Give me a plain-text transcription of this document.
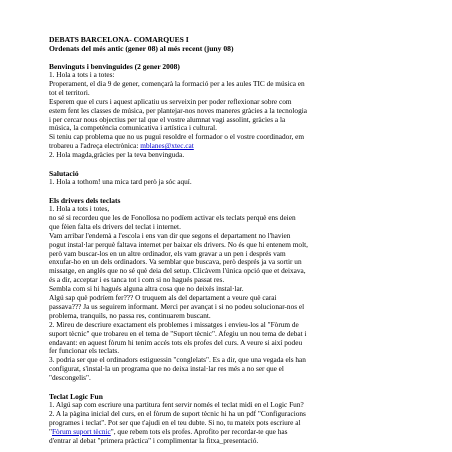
DEBATS BARCELONA- COMARQUES I
Ordenats del més antic (gener 08) al més recent (juny 08)
Benvinguts i benvinguides (2 gener 2008)
1. Hola a tots i a totes:
Properament, el dia 9 de gener, començarà la formació per a les aules TIC de música en
tot el territori.
Esperem que el curs i aquest aplicatiu us serveixin per poder reflexionar sobre com
estem fent les classes de música, per plantejar-nos noves maneres gràcies a la tecnologia
i per cercar nous objectius per tal que el vostre alumnat vagi assolint, gràcies a la
música, la competència comunicativa i artística i cultural.
Si teniu cap problema que no us pugui resoldre el formador o el vostre coordinador, em
trobareu a l'adreça electrònica: mblanes@xtec.cat
2. Hola magda,gràcies per la teva benvinguda.
Salutació
1. Hola a tothom! una mica tard però ja sóc aquí.
Els drivers dels teclats
1. Hola a tots i totes,
no sé si recordeu que les de Fonollosa no podíem activar els teclats perquè ens deien
que fèien falta els drivers del teclat i internet.
Vam arribar l'endemà a l'escola i ens van dir que segons el departament no l'havien
pogut instal·lar perquè faltava internet per baixar els drivers. No és que hi entenem molt,
però vam buscar-los en un altre ordinador, els vam gravar a un pen i després vam
enxufar-ho en un dels ordinadors. Va semblar que buscava, però després ja va sortir un
missatge, en anglès que no sé què deia del setup. Clicàvem l'única opció que et deixava,
és a dir, acceptar i es tanca tot i com si no hagués passat res.
Sembla com si hi hagués alguna altra cosa que no deixés instal·lar.
Algú sap què podríem fer??? O truquem als del departament a veure què carai
passava??? Ja us seguirem informant. Merci per avançat i si no podeu solucionar-nos el
problema, tranquils, no passa res, continuarem buscant.
2. Mireu de descriure exactament els problemes i missatges i envieu-los al "Fòrum de
suport tècnic" que trobareu en el tema de "Suport tècnic". Afegiu un nou tema de debat i
endavant: en aquest fòrum hi tenim accés tots els profes del curs. A veure si així podeu
fer funcionar els teclats.
3. podria ser que el ordinadors estiguessin "conglelats". Es a dir, que una vegada els han
configurat, s'instal·la un programa que no deixa instal·lar res més a no ser que el
"descongelis".
Teclat Logic Fun
1. Algú sap com escriure una partitura fent servir només el teclat midi en el Logic Fun?
2. A la pàgina inicial del curs, en el fòrum de suport tècnic hi ha un pdf "Configuracions
programes i teclat". Pot ser que t'ajudi en el teu dubte. Si no, tu mateix pots escriure al
"Fòrum suport tècnic", que rebem tots els profes. Aprofito per recordar-te que has
d'entrar al debat "primera pràctica" i complimentar la fitxa_presentació.
